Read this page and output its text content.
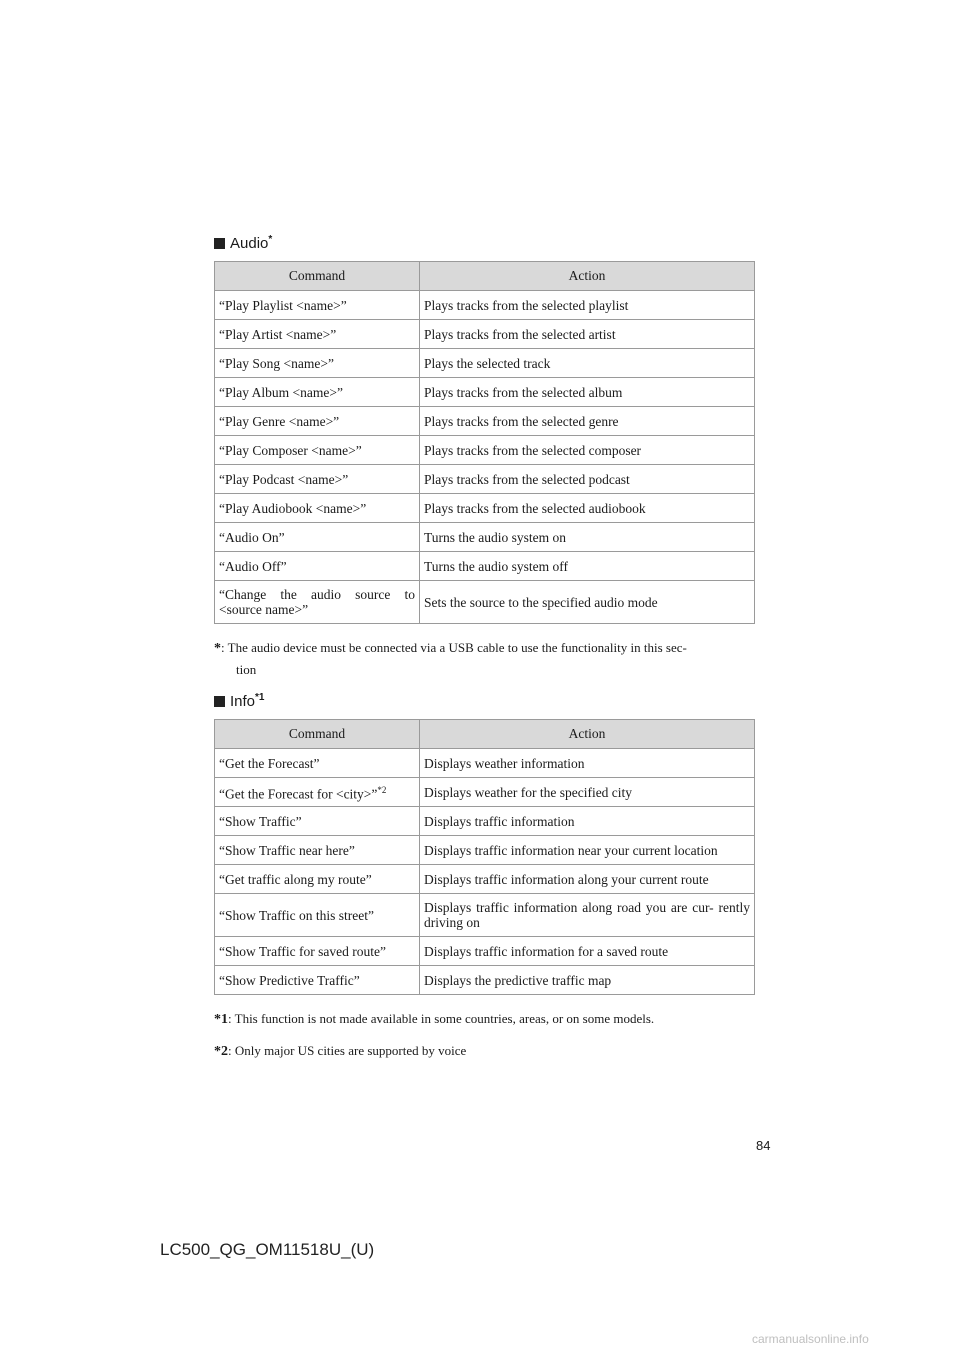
Audio*
Command	Action
“Play Playlist <name>”	Plays tracks from the selected playlist
“Play Artist <name>”	Plays tracks from the selected artist
“Play Song <name>”	Plays the selected track
“Play Album <name>”	Plays tracks from the selected album
“Play Genre <name>”	Plays tracks from the selected genre
“Play Composer <name>”	Plays tracks from the selected composer
“Play Podcast <name>”	Plays tracks from the selected podcast
“Play Audiobook <name>”	Plays tracks from the selected audiobook
“Audio On”	Turns the audio system on
“Audio Off”	Turns the audio system off
“Change the audio source to <source name>”	Sets the source to the specified audio mode
*: The audio device must be connected via a USB cable to use the functionality in this sec-
tion
Info$^{*1}$
Command	Action
“Get the Forecast”	Displays weather information
“Get the Forecast for <city>”$^{*2}$	Displays weather for the specified city
“Show Traffic”	Displays traffic information
“Show Traffic near here”	Displays traffic information near your current location
“Get traffic along my route”	Displays traffic information along your current route
“Show Traffic on this street”	Displays traffic information along road you are cur- rently driving on
“Show Traffic for saved route”	Displays traffic information for a saved route
“Show Predictive Traffic”	Displays the predictive traffic map
*1: This function is not made available in some countries, areas, or on some models.
*2: Only major US cities are supported by voice
84
LC500_QG_OM11518U_(U)
carmanualsonline.info
